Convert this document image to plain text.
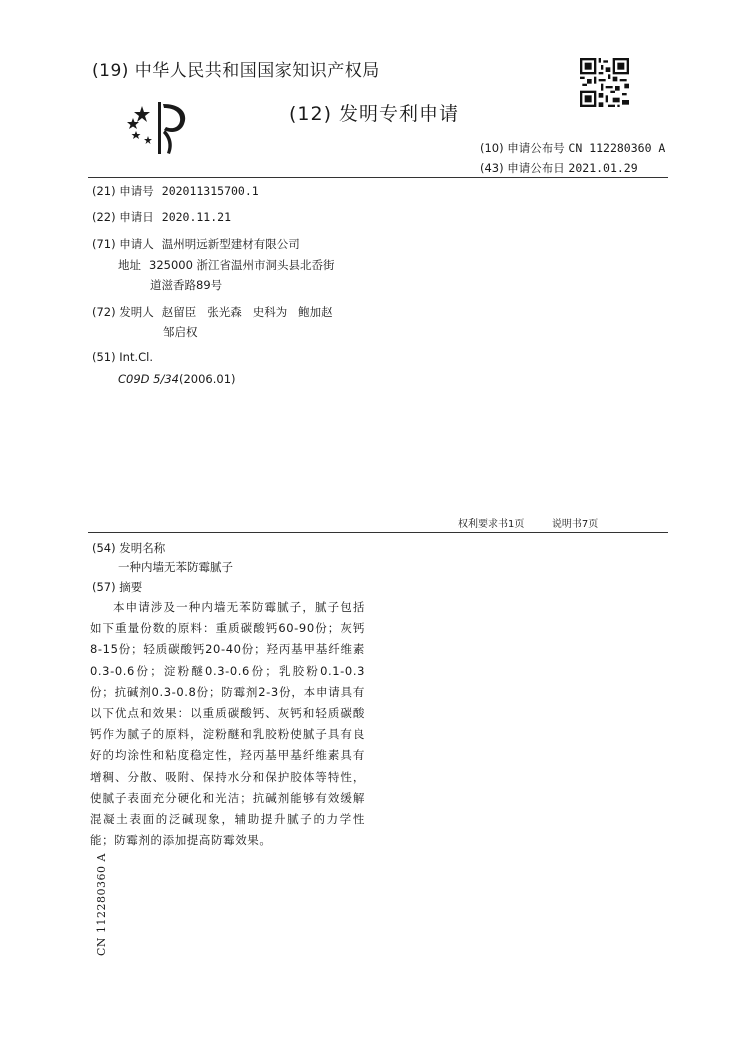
(19) 中华人民共和国国家知识产权局
(12) 发明专利申请
(10) 申请公布号 CN 112280360 A
(43) 申请公布日 2021.01.29
(21) 申请号 202011315700.1
(22) 申请日 2020.11.21
(71) 申请人 温州明远新型建材有限公司
地址 325000 浙江省温州市洞头县北岙街
道滋香路89号
(72) 发明人 赵留臣   张光森   史科为   鲍加赵
邹启权
(51) Int.Cl.
C09D 5/34(2006.01)
权利要求书1页   说明书7页
(54) 发明名称
一种内墙无苯防霉腻子
(57) 摘要
本申请涉及一种内墙无苯防霉腻子，腻子包括如下重量份数的原料：重质碳酸钙60-90份；灰钙8-15份；轻质碳酸钙20-40份；羟丙基甲基纤维素0.3-0.6份；淀粉醚0.3-0.6份；乳胶粉0.1-0.3份；抗碱剂0.3-0.8份；防霉剂2-3份，本申请具有以下优点和效果：以重质碳酸钙、灰钙和轻质碳酸钙作为腻子的原料，淀粉醚和乳胶粉使腻子具有良好的均涂性和粘度稳定性，羟丙基甲基纤维素具有增稠、分散、吸附、保持水分和保护胶体等特性，使腻子表面充分硬化和光洁；抗碱剂能够有效缓解混凝土表面的泛碱现象，辅助提升腻子的力学性能；防霉剂的添加提高防霉效果。
CN 112280360 A
